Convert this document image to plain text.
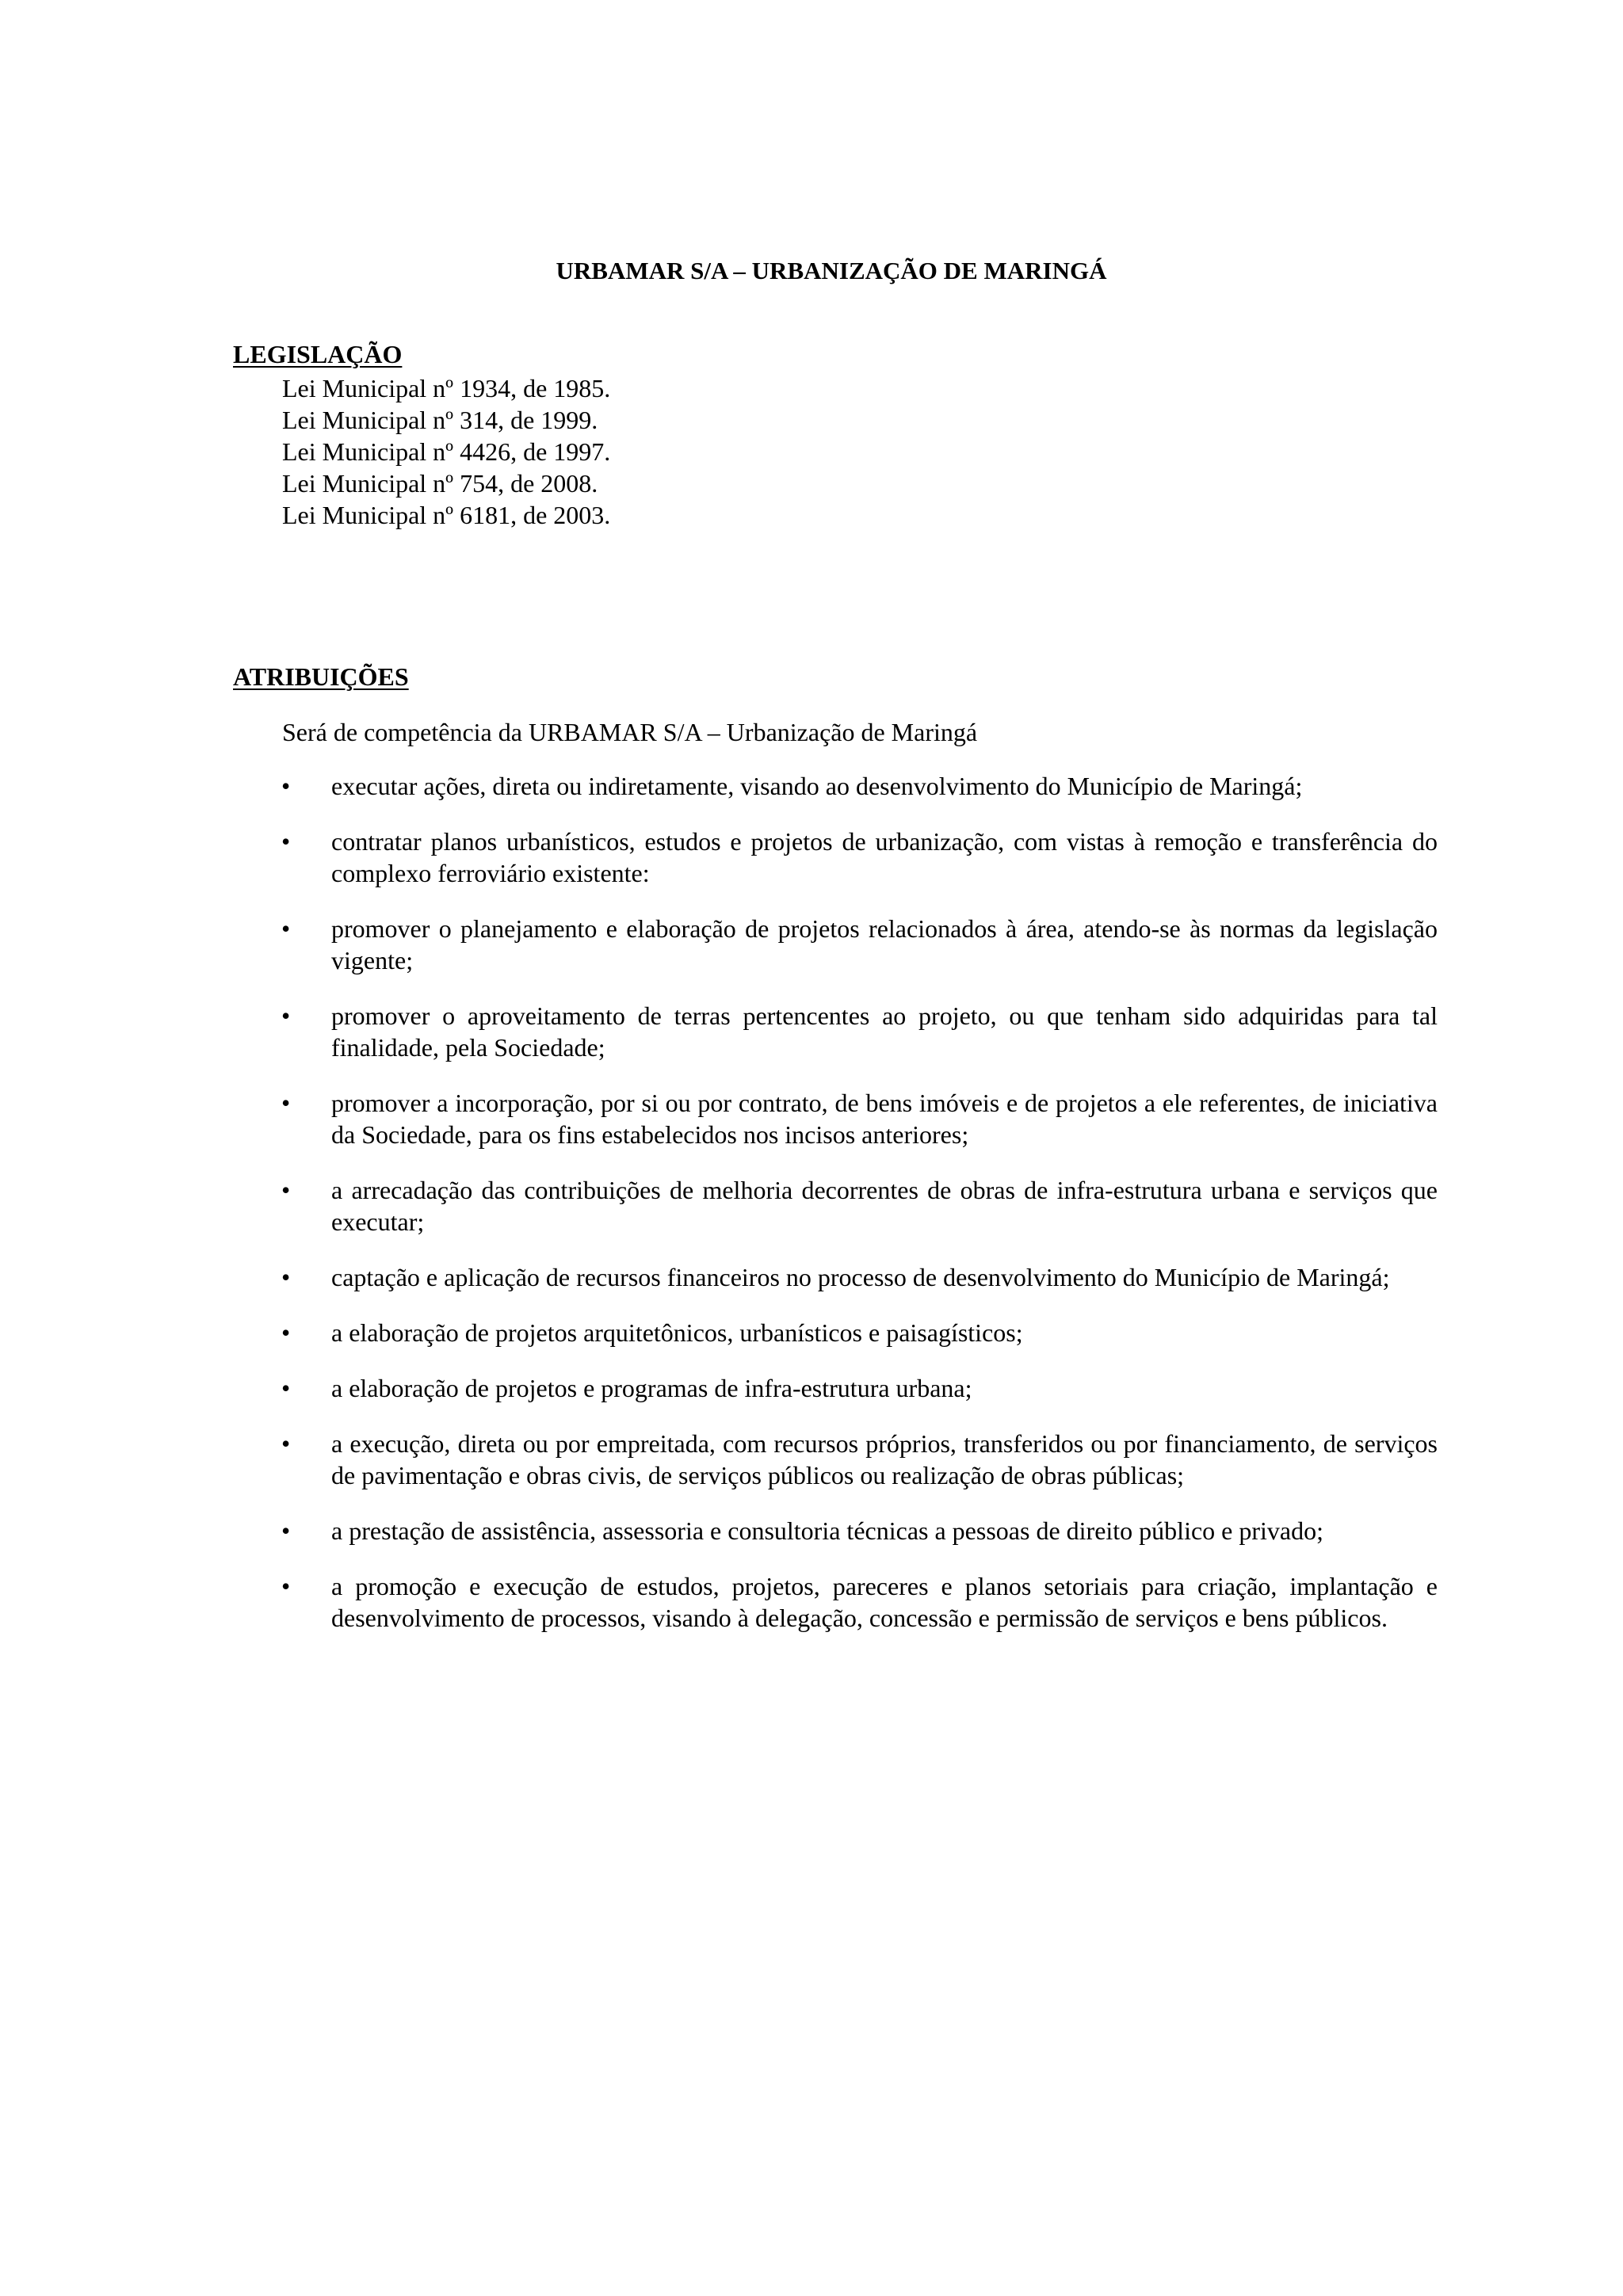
URBAMAR S/A – URBANIZAÇÃO DE MARINGÁ
LEGISLAÇÃO
Lei Municipal nº 1934, de 1985.
Lei Municipal nº 314, de 1999.
Lei Municipal nº 4426, de 1997.
Lei Municipal nº 754, de 2008.
Lei Municipal nº 6181, de 2003.
ATRIBUIÇÕES
Será de competência da URBAMAR S/A – Urbanização de Maringá
• executar ações, direta ou indiretamente, visando ao desenvolvimento do Município de Maringá;
• contratar planos urbanísticos, estudos e projetos de urbanização, com vistas à remoção e transferência do complexo ferroviário existente:
• promover o planejamento e elaboração de projetos relacionados à área, atendo-se às normas da legislação vigente;
• promover o aproveitamento de terras pertencentes ao projeto, ou que tenham sido adquiridas para tal finalidade, pela Sociedade;
• promover a incorporação, por si ou por contrato, de bens imóveis e de projetos a ele referentes, de iniciativa da Sociedade, para os fins estabelecidos nos incisos anteriores;
• a arrecadação das contribuições de melhoria decorrentes de obras de infra-estrutura urbana e serviços que executar;
• captação e aplicação de recursos financeiros no processo de desenvolvimento do Município de Maringá;
• a elaboração de projetos arquitetônicos, urbanísticos e paisagísticos;
• a elaboração de projetos e programas de infra-estrutura urbana;
• a execução, direta ou por empreitada, com recursos próprios, transferidos ou por financiamento, de serviços de pavimentação e obras civis, de serviços públicos ou realização de obras públicas;
• a prestação de assistência, assessoria e consultoria técnicas a pessoas de direito público e privado;
• a promoção e execução de estudos, projetos, pareceres e planos setoriais para criação, implantação e desenvolvimento de processos, visando à delegação, concessão e permissão de serviços e bens públicos.
